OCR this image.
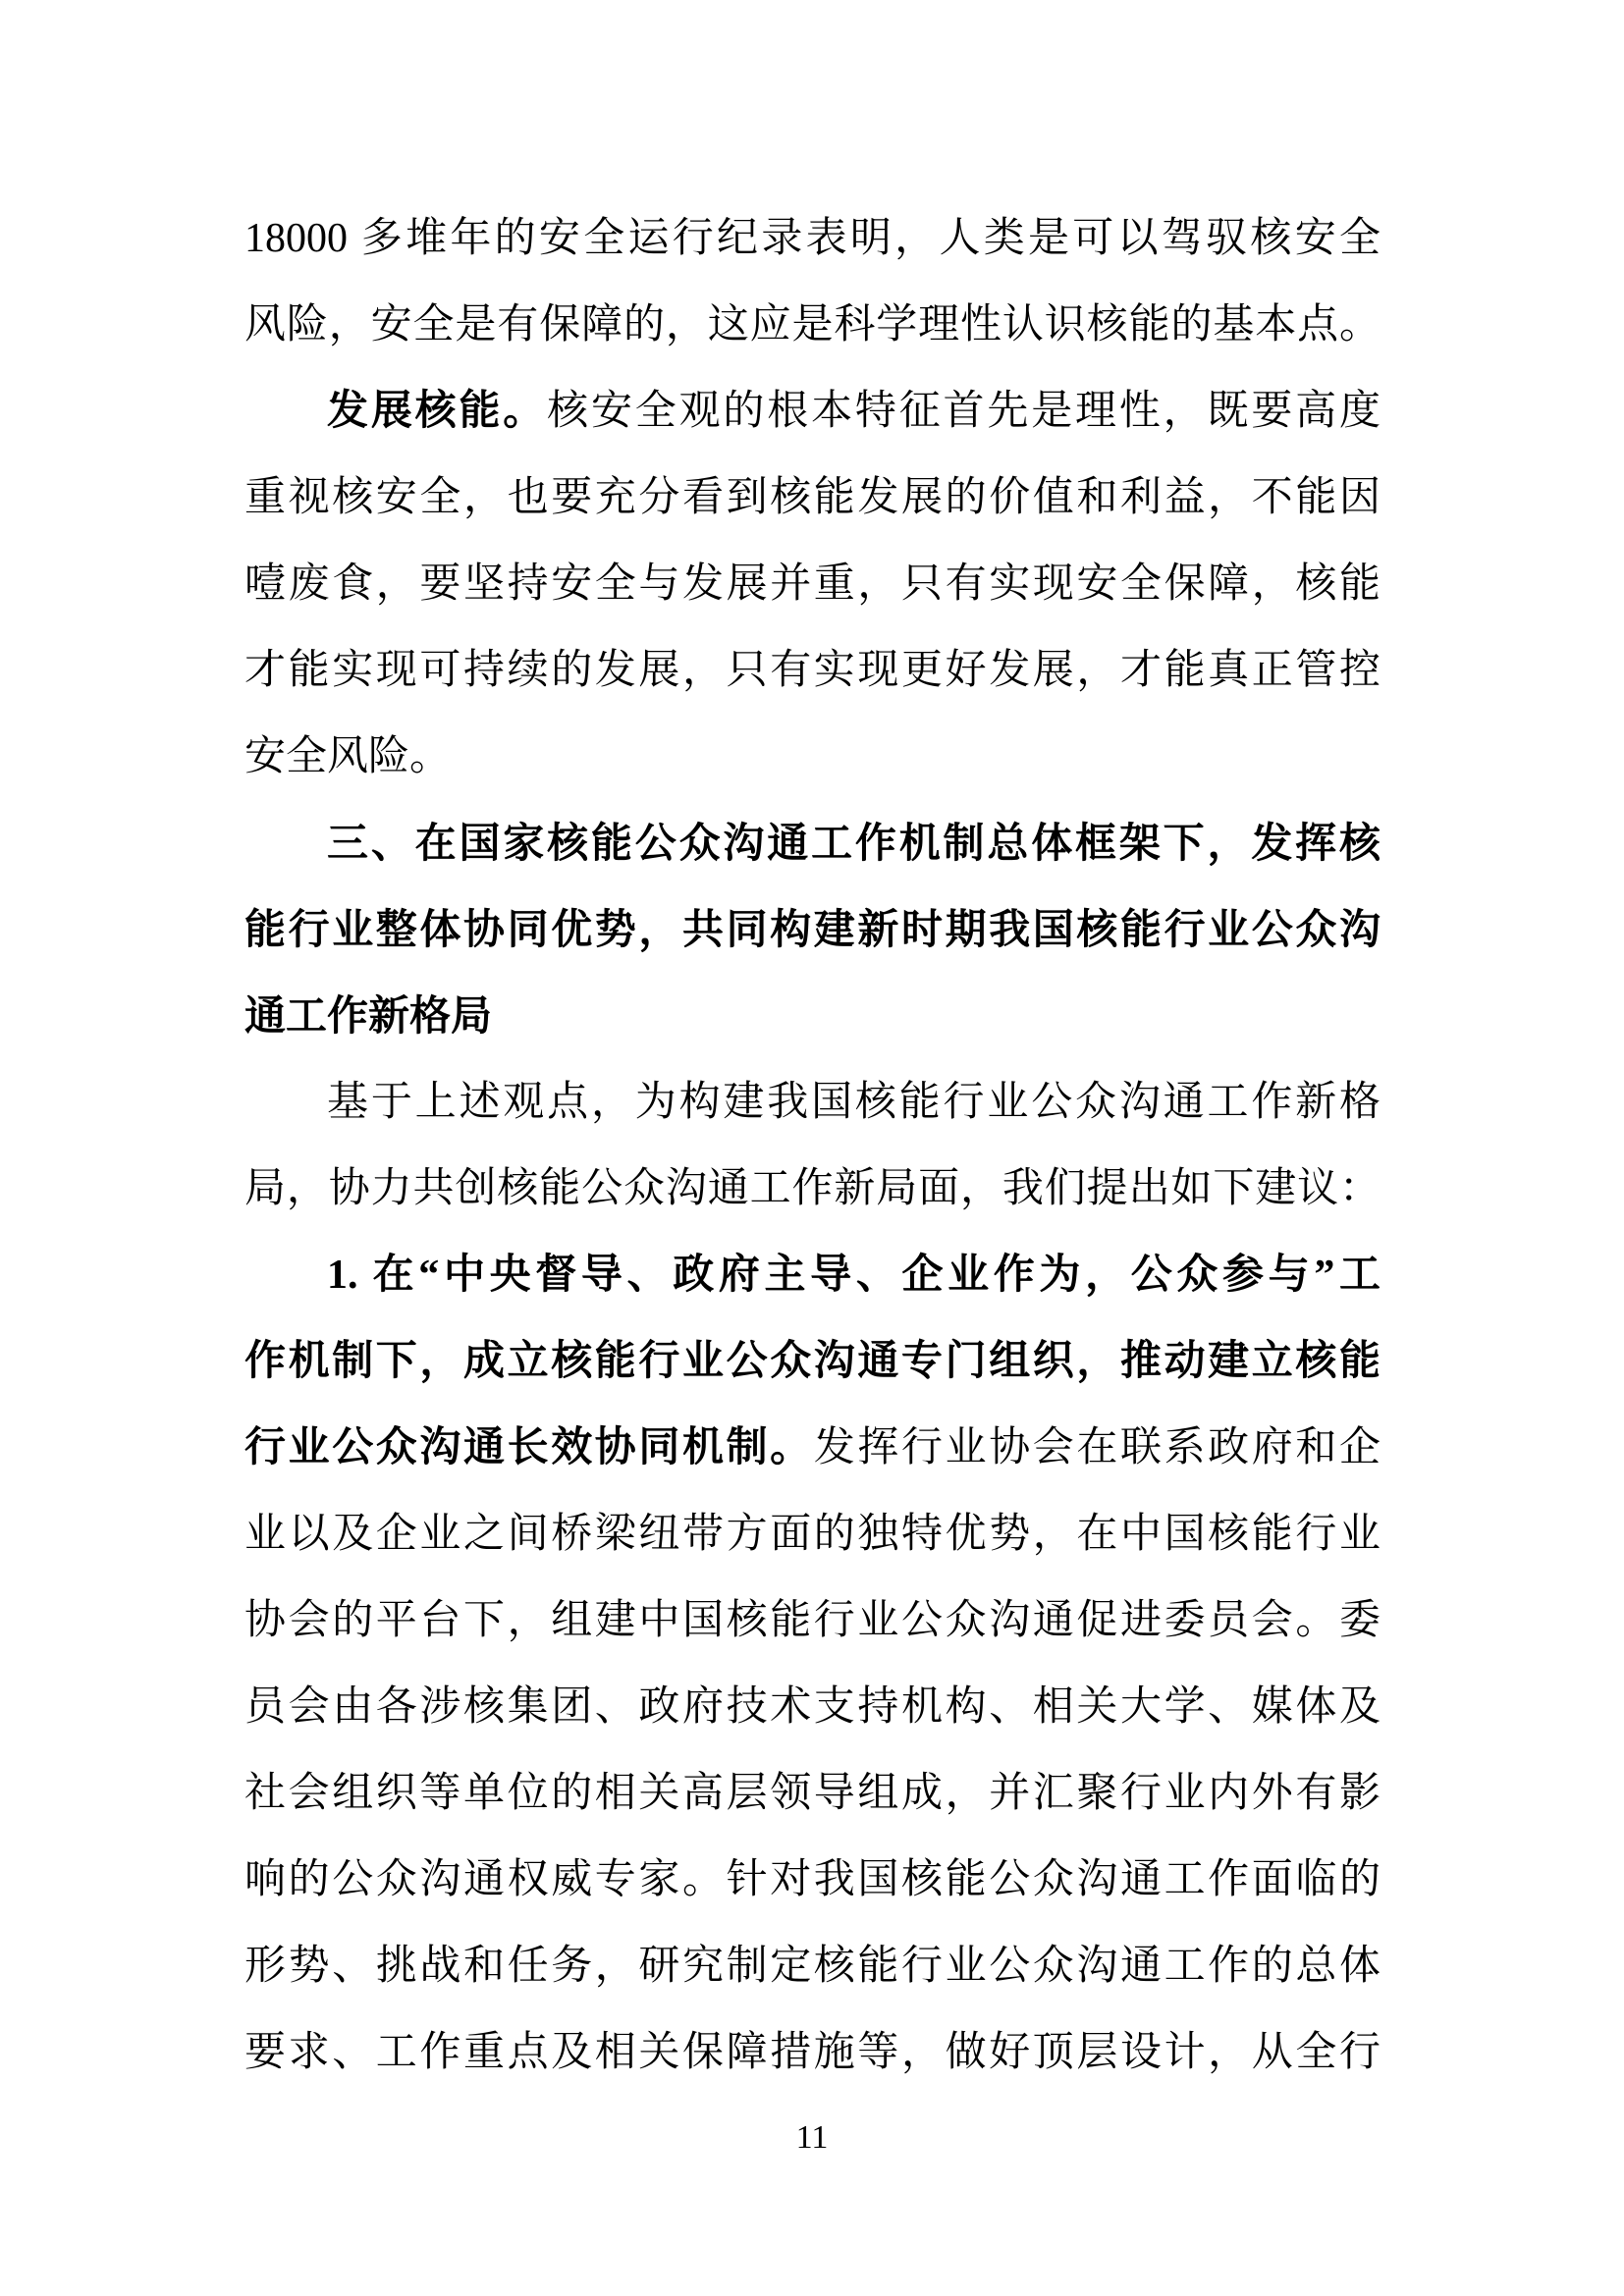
18000 多堆年的安全运行纪录表明，人类是可以驾驭核安全
风险，安全是有保障的，这应是科学理性认识核能的基本点。
发展核能。核安全观的根本特征首先是理性，既要高度
重视核安全，也要充分看到核能发展的价值和利益，不能因
噎废食，要坚持安全与发展并重，只有实现安全保障，核能
才能实现可持续的发展，只有实现更好发展，才能真正管控
安全风险。
三、在国家核能公众沟通工作机制总体框架下，发挥核
能行业整体协同优势，共同构建新时期我国核能行业公众沟
通工作新格局
基于上述观点，为构建我国核能行业公众沟通工作新格
局，协力共创核能公众沟通工作新局面，我们提出如下建议：
1. 在“中央督导、政府主导、企业作为，公众参与”工
作机制下，成立核能行业公众沟通专门组织，推动建立核能
行业公众沟通长效协同机制。发挥行业协会在联系政府和企
业以及企业之间桥梁纽带方面的独特优势，在中国核能行业
协会的平台下，组建中国核能行业公众沟通促进委员会。委
员会由各涉核集团、政府技术支持机构、相关大学、媒体及
社会组织等单位的相关高层领导组成，并汇聚行业内外有影
响的公众沟通权威专家。针对我国核能公众沟通工作面临的
形势、挑战和任务，研究制定核能行业公众沟通工作的总体
要求、工作重点及相关保障措施等，做好顶层设计，从全行
11
